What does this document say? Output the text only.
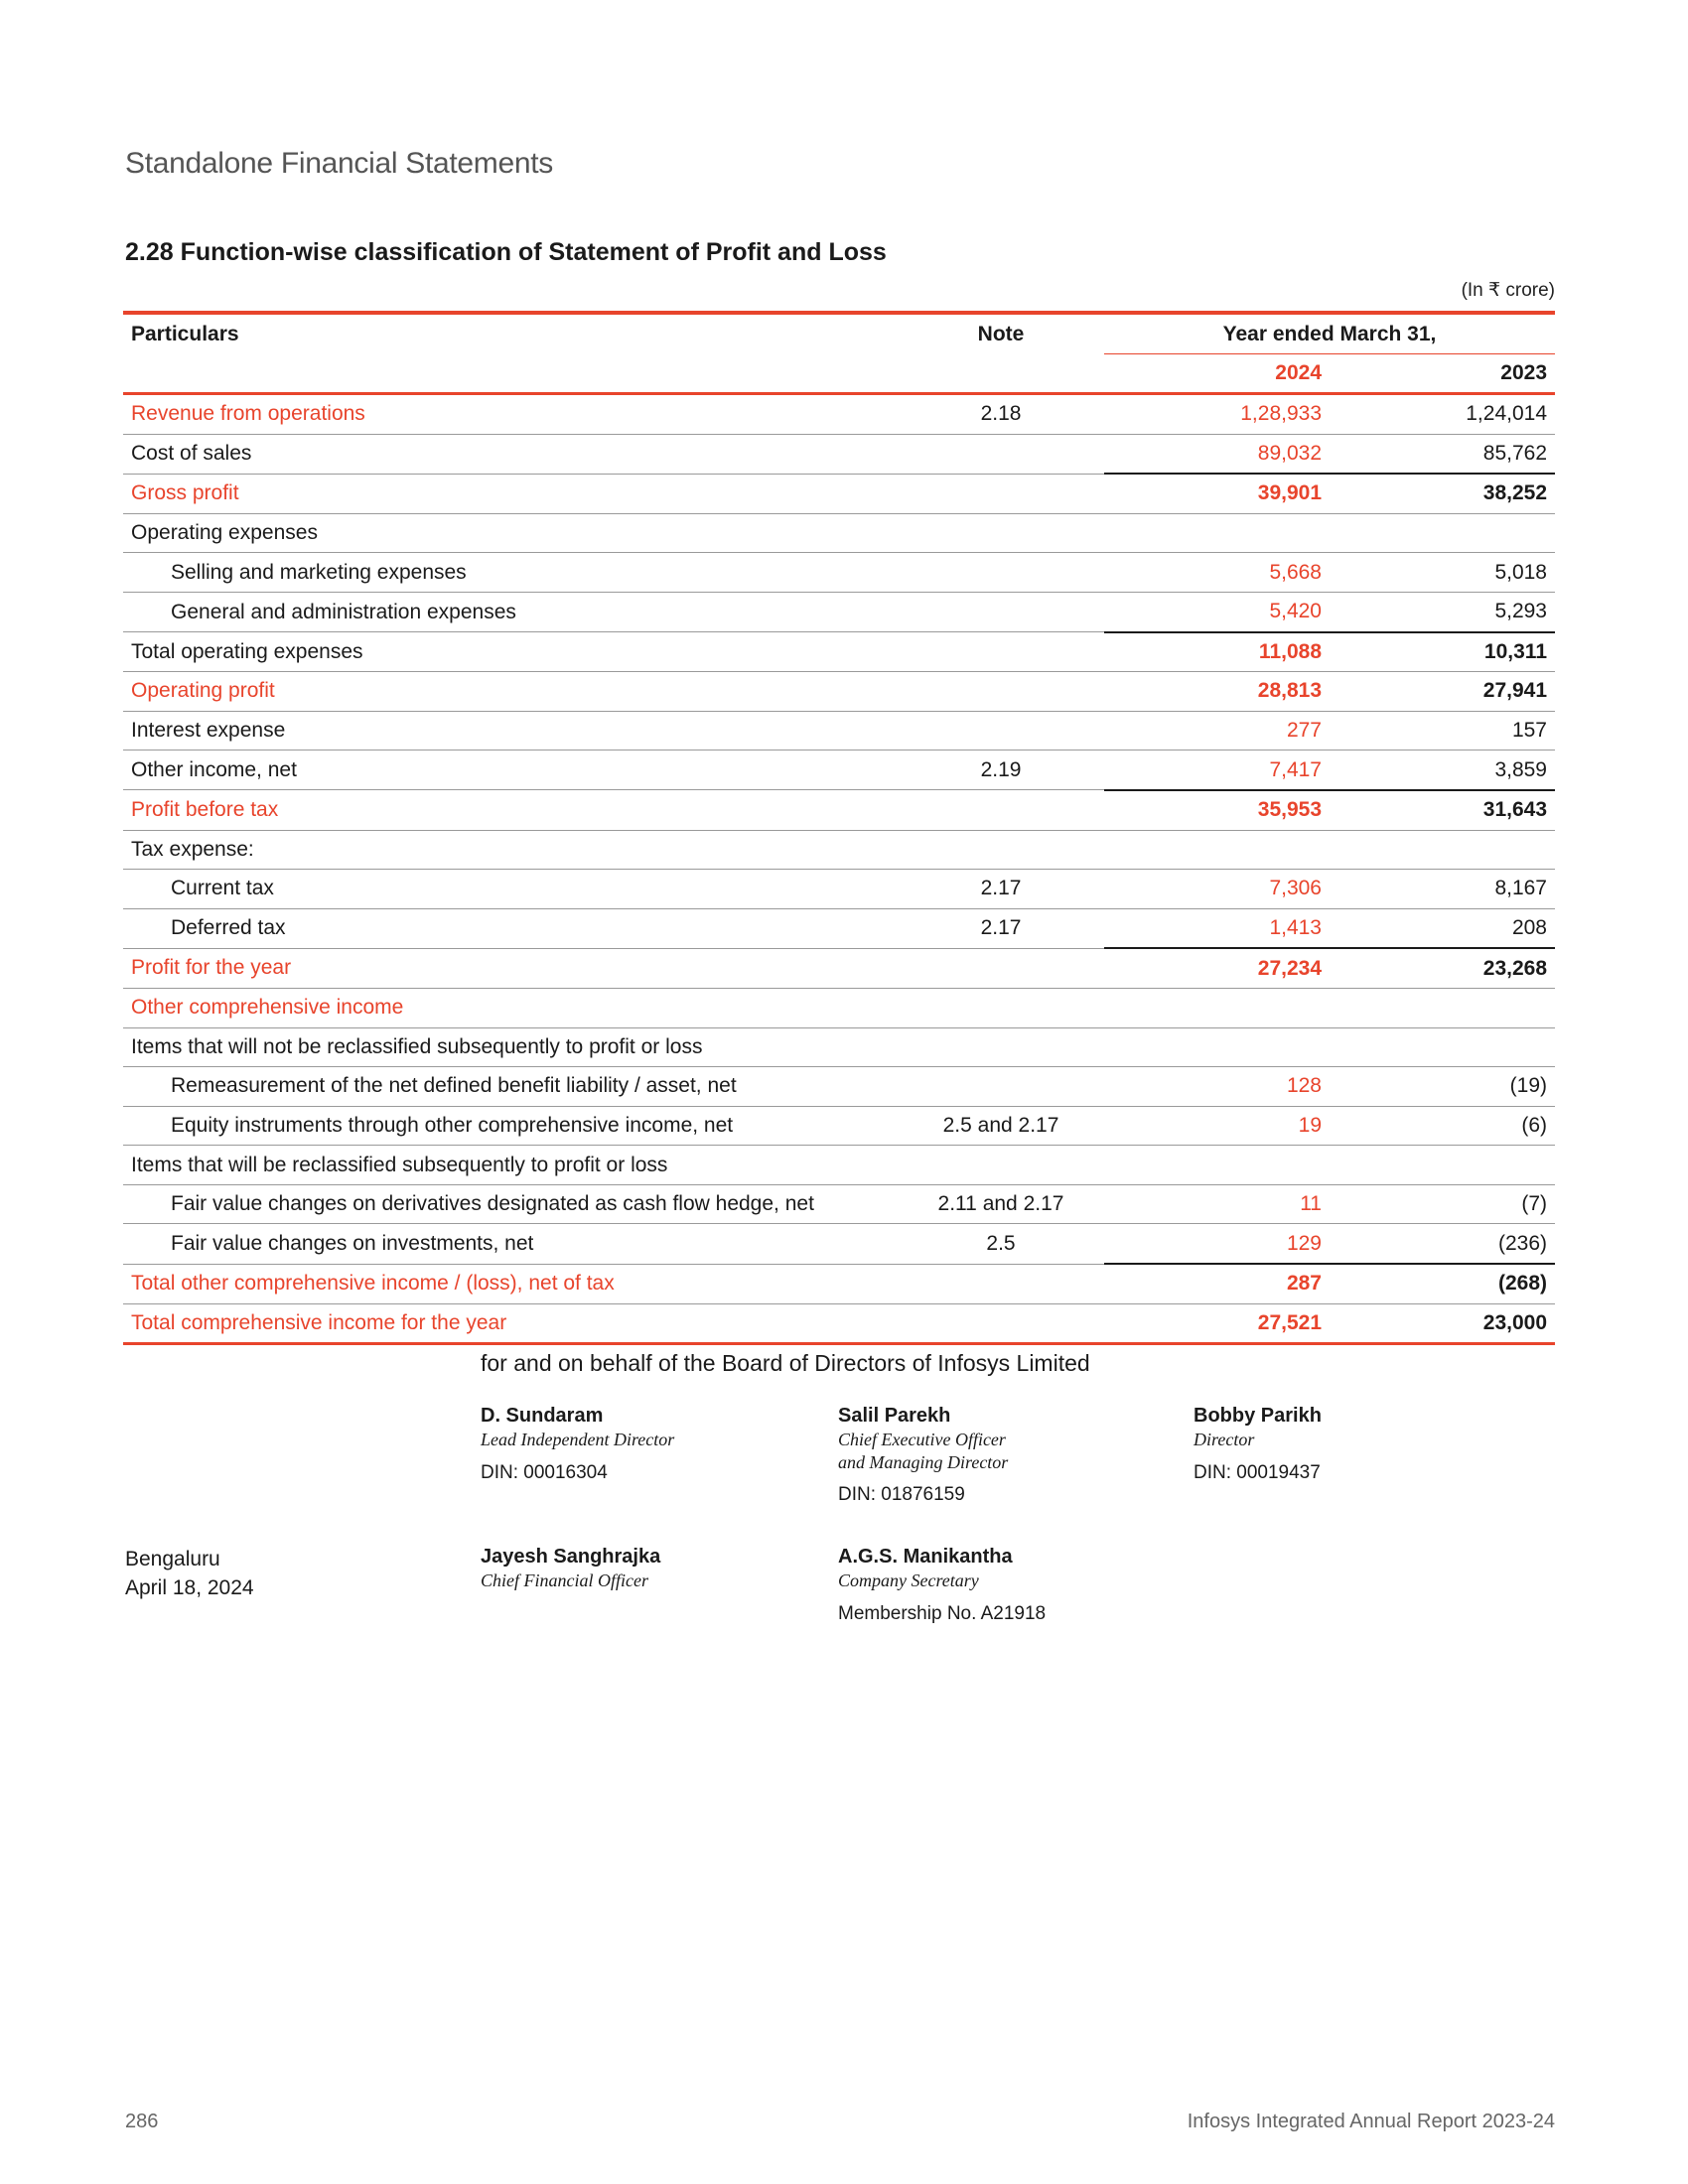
Standalone Financial Statements
2.28 Function-wise classification of Statement of Profit and Loss
(In ₹ crore)
Particulars	Note	Year ended March 31,	
		2024	2023
Revenue from operations	2.18	1,28,933	1,24,014
Cost of sales		89,032	85,762
Gross profit		39,901	38,252
Operating expenses			
Selling and marketing expenses		5,668	5,018
General and administration expenses		5,420	5,293
Total operating expenses		11,088	10,311
Operating profit		28,813	27,941
Interest expense		277	157
Other income, net	2.19	7,417	3,859
Profit before tax		35,953	31,643
Tax expense:			
Current tax	2.17	7,306	8,167
Deferred tax	2.17	1,413	208
Profit for the year		27,234	23,268
Other comprehensive income			
Items that will not be reclassified subsequently to profit or loss			
Remeasurement of the net defined benefit liability / asset, net		128	(19)
Equity instruments through other comprehensive income, net	2.5 and 2.17	19	(6)
Items that will be reclassified subsequently to profit or loss			
Fair value changes on derivatives designated as cash flow hedge, net	2.11 and 2.17	11	(7)
Fair value changes on investments, net	2.5	129	(236)
Total other comprehensive income / (loss), net of tax		287	(268)
Total comprehensive income for the year		27,521	23,000
for and on behalf of the Board of Directors of Infosys Limited
D. Sundaram
Lead Independent Director
DIN: 00016304
Salil Parekh
Chief Executive Officer
and Managing Director
DIN: 01876159
Bobby Parikh
Director
DIN: 00019437
Bengaluru
April 18, 2024
Jayesh Sanghrajka
Chief Financial Officer
A.G.S. Manikantha
Company Secretary
Membership No. A21918
286	Infosys Integrated Annual Report 2023-24
